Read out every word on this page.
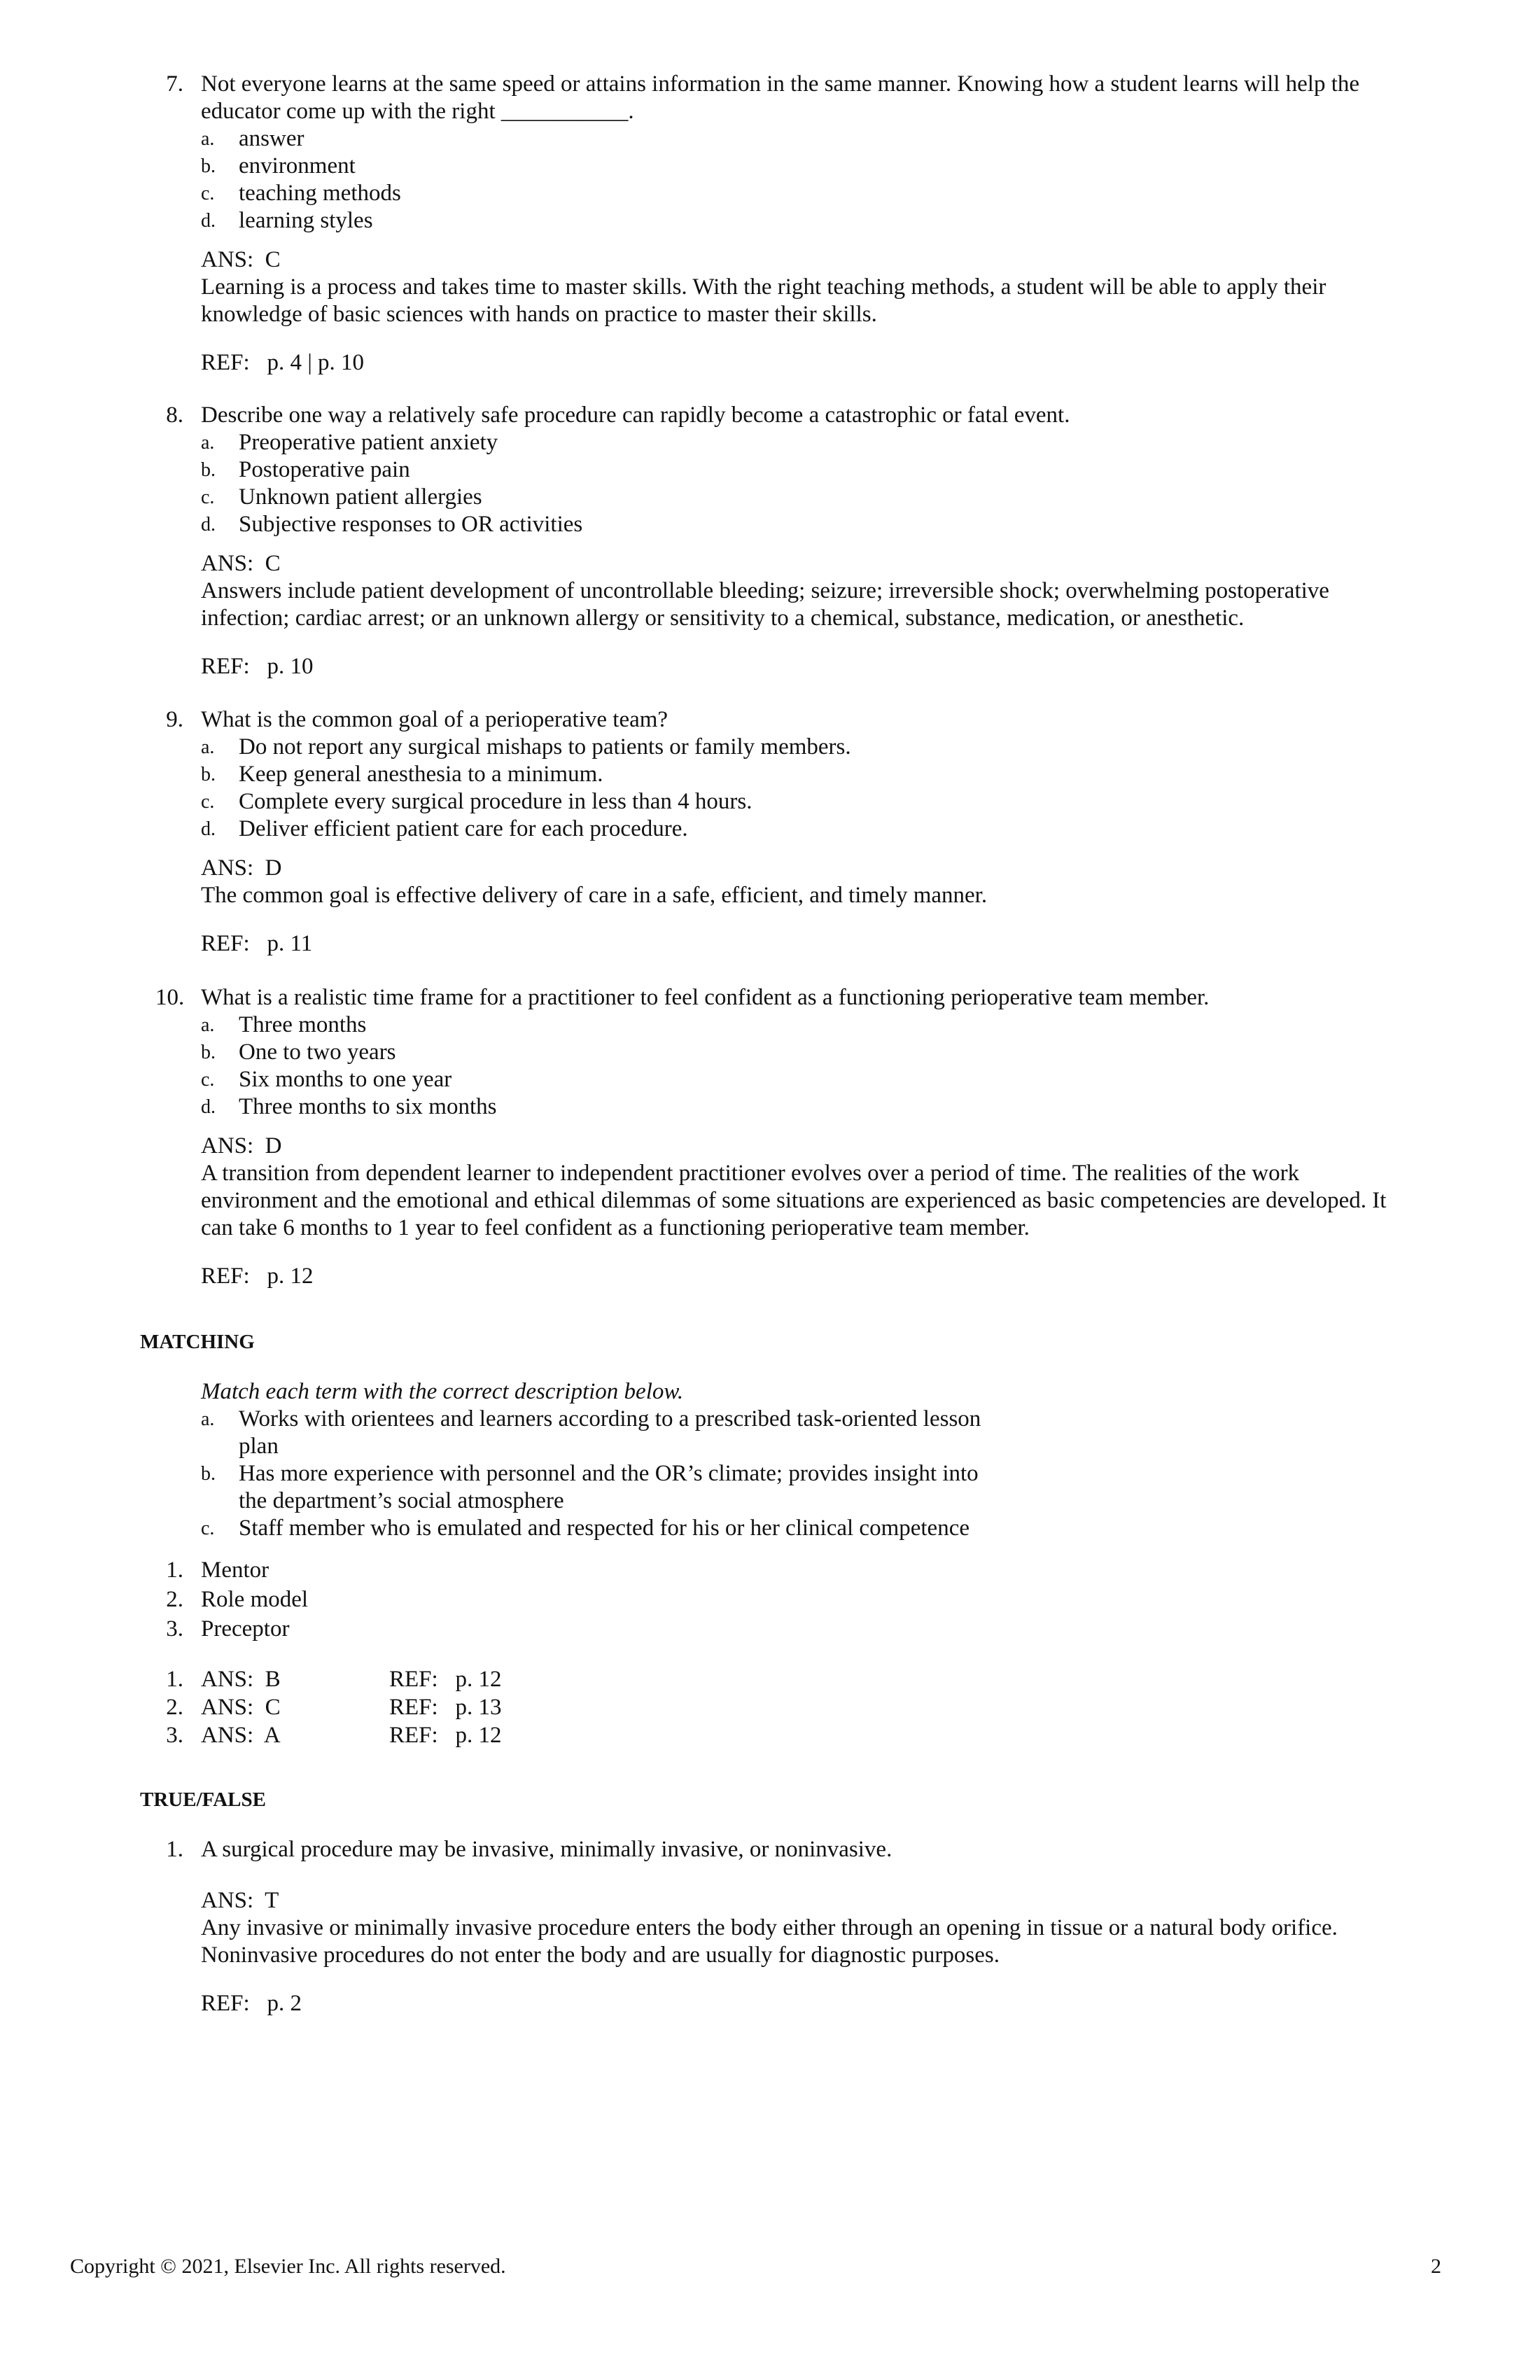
7. Not everyone learns at the same speed or attains information in the same manner. Knowing how a student learns will help the
educator come up with the right ___________.
a. answer
b. environment
c. teaching methods
d. learning styles
ANS:  C
Learning is a process and takes time to master skills. With the right teaching methods, a student will be able to apply their
knowledge of basic sciences with hands on practice to master their skills.
REF:   p. 4 | p. 10
8. Describe one way a relatively safe procedure can rapidly become a catastrophic or fatal event.
a. Preoperative patient anxiety
b. Postoperative pain
c. Unknown patient allergies
d. Subjective responses to OR activities
ANS:  C
Answers include patient development of uncontrollable bleeding; seizure; irreversible shock; overwhelming postoperative
infection; cardiac arrest; or an unknown allergy or sensitivity to a chemical, substance, medication, or anesthetic.
REF:   p. 10
9. What is the common goal of a perioperative team?
a. Do not report any surgical mishaps to patients or family members.
b. Keep general anesthesia to a minimum.
c. Complete every surgical procedure in less than 4 hours.
d. Deliver efficient patient care for each procedure.
ANS:  D
The common goal is effective delivery of care in a safe, efficient, and timely manner.
REF:   p. 11
10. What is a realistic time frame for a practitioner to feel confident as a functioning perioperative team member.
a. Three months
b. One to two years
c. Six months to one year
d. Three months to six months
ANS:  D
A transition from dependent learner to independent practitioner evolves over a period of time. The realities of the work
environment and the emotional and ethical dilemmas of some situations are experienced as basic competencies are developed. It
can take 6 months to 1 year to feel confident as a functioning perioperative team member.
REF:   p. 12
MATCHING
Match each term with the correct description below.
a. Works with orientees and learners according to a prescribed task-oriented lesson
plan
b. Has more experience with personnel and the OR’s climate; provides insight into
the department’s social atmosphere
c. Staff member who is emulated and respected for his or her clinical competence
1. Mentor
2. Role model
3. Preceptor
1. ANS:  B	REF:   p. 12
2. ANS:  C	REF:   p. 13
3. ANS:  A	REF:   p. 12
TRUE/FALSE
1. A surgical procedure may be invasive, minimally invasive, or noninvasive.
ANS:  T
Any invasive or minimally invasive procedure enters the body either through an opening in tissue or a natural body orifice.
Noninvasive procedures do not enter the body and are usually for diagnostic purposes.
REF:   p. 2
Copyright © 2021, Elsevier Inc. All rights reserved.	2
